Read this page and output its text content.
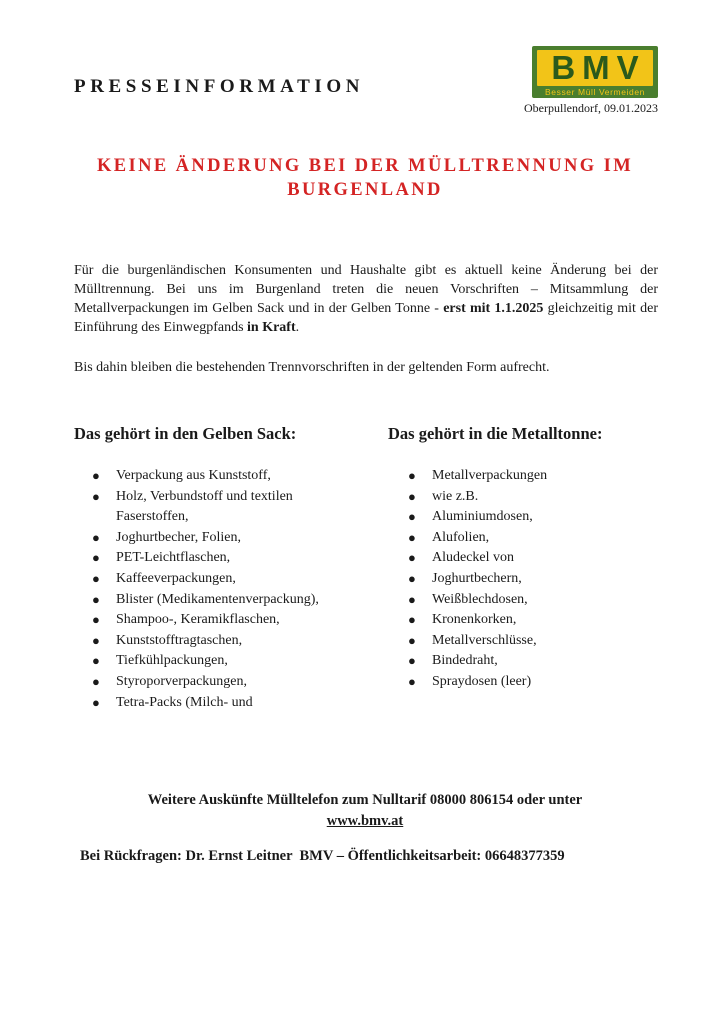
PRESSEINFORMATION
BMV
Besser Müll Vermeiden

Oberpullendorf, 09.01.2023

KEINE ÄNDERUNG BEI DER MÜLLTRENNUNG IM BURGENLAND

Für die burgenländischen Konsumenten und Haushalte gibt es aktuell keine Änderung bei der Mülltrennung. Bei uns im Burgenland treten die neuen Vorschriften – Mitsammlung der Metallverpackungen im Gelben Sack und in der Gelben Tonne - erst mit 1.1.2025 gleichzeitig mit der Einführung des Einwegpfands in Kraft.

Bis dahin bleiben die bestehenden Trennvorschriften in der geltenden Form aufrecht.

Das gehört in den Gelben Sack:	Das gehört in die Metalltonne:
● Verpackung aus Kunststoff,
● Holz, Verbundstoff und textilen Faserstoffen,
● Joghurtbecher, Folien,
● PET-Leichtflaschen,
● Kaffeeverpackungen,
● Blister (Medikamentenverpackung),
● Shampoo-, Keramikflaschen,
● Kunststofftragtaschen,
● Tiefkühlpackungen,
● Styroporverpackungen,
● Tetra-Packs (Milch- und
● Metallverpackungen
● wie z.B.
● Aluminiumdosen,
● Alufolien,
● Aludeckel von
● Joghurtbechern,
● Weißblechdosen,
● Kronenkorken,
● Metallverschlüsse,
● Bindedraht,
● Spraydosen (leer)

Weitere Auskünfte Mülltelefon zum Nulltarif 08000 806154 oder unter
www.bmv.at

Bei Rückfragen: Dr. Ernst Leitner  BMV – Öffentlichkeitsarbeit: 06648377359
